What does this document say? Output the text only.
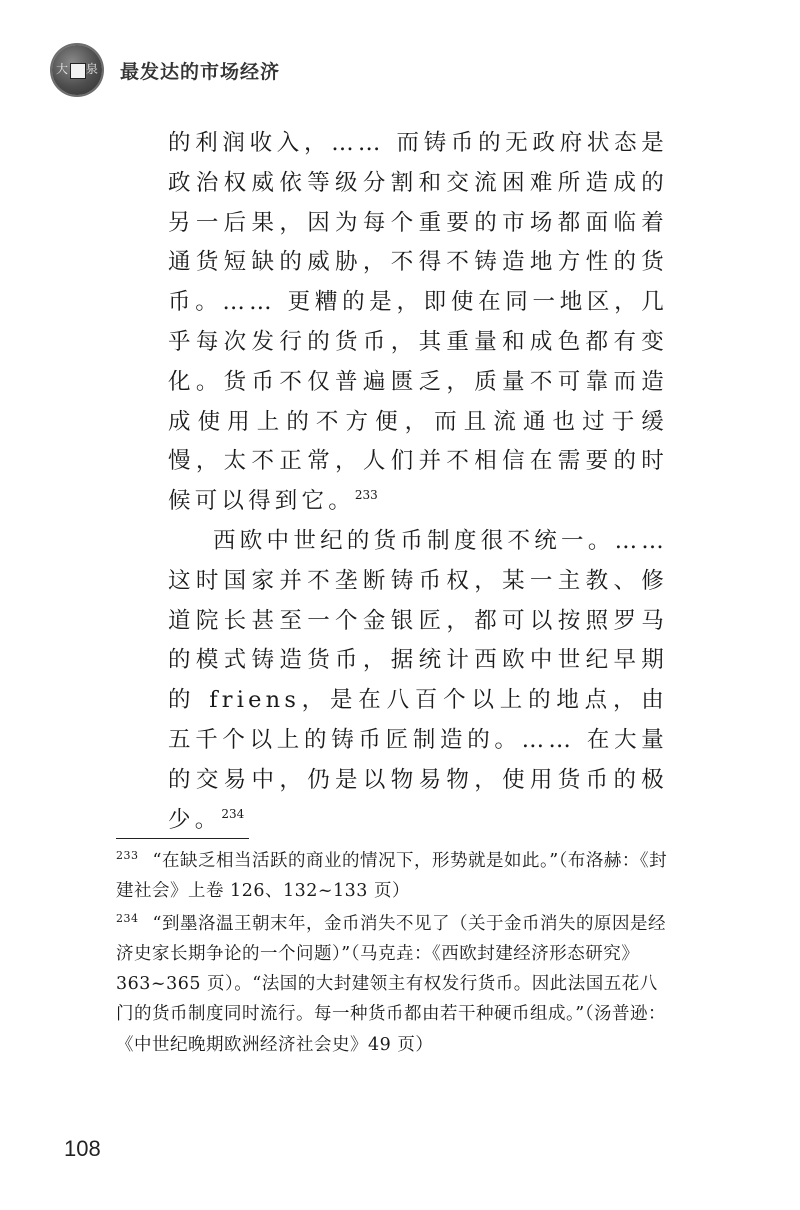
大 泉 最发达的市场经济

的利润收入，…… 而铸币的无政府状态是政治权威依等级分割和交流困难所造成的另一后果，因为每个重要的市场都面临着通货短缺的威胁，不得不铸造地方性的货币。…… 更糟的是，即使在同一地区，几乎每次发行的货币，其重量和成色都有变化。货币不仅普遍匮乏，质量不可靠而造成使用上的不方便，而且流通也过于缓慢，太不正常，人们并不相信在需要的时候可以得到它。$^{233}$

西欧中世纪的货币制度很不统一。…… 这时国家并不垄断铸币权，某一主教、修道院长甚至一个金银匠，都可以按照罗马的模式铸造货币，据统计西欧中世纪早期的 friens，是在八百个以上的地点，由五千个以上的铸币匠制造的。…… 在大量的交易中，仍是以物易物，使用货币的极少。$^{234}$

$^{233}$ “在缺乏相当活跃的商业的情况下，形势就是如此。”（布洛赫：《封建社会》上卷 126、132~133 页）

$^{234}$ “到墨洛温王朝末年，金币消失不见了（关于金币消失的原因是经济史家长期争论的一个问题）”（马克垚：《西欧封建经济形态研究》363~365 页）。“法国的大封建领主有权发行货币。因此法国五花八门的货币制度同时流行。每一种货币都由若干种硬币组成。”（汤普逊：《中世纪晚期欧洲经济社会史》49 页）

108
